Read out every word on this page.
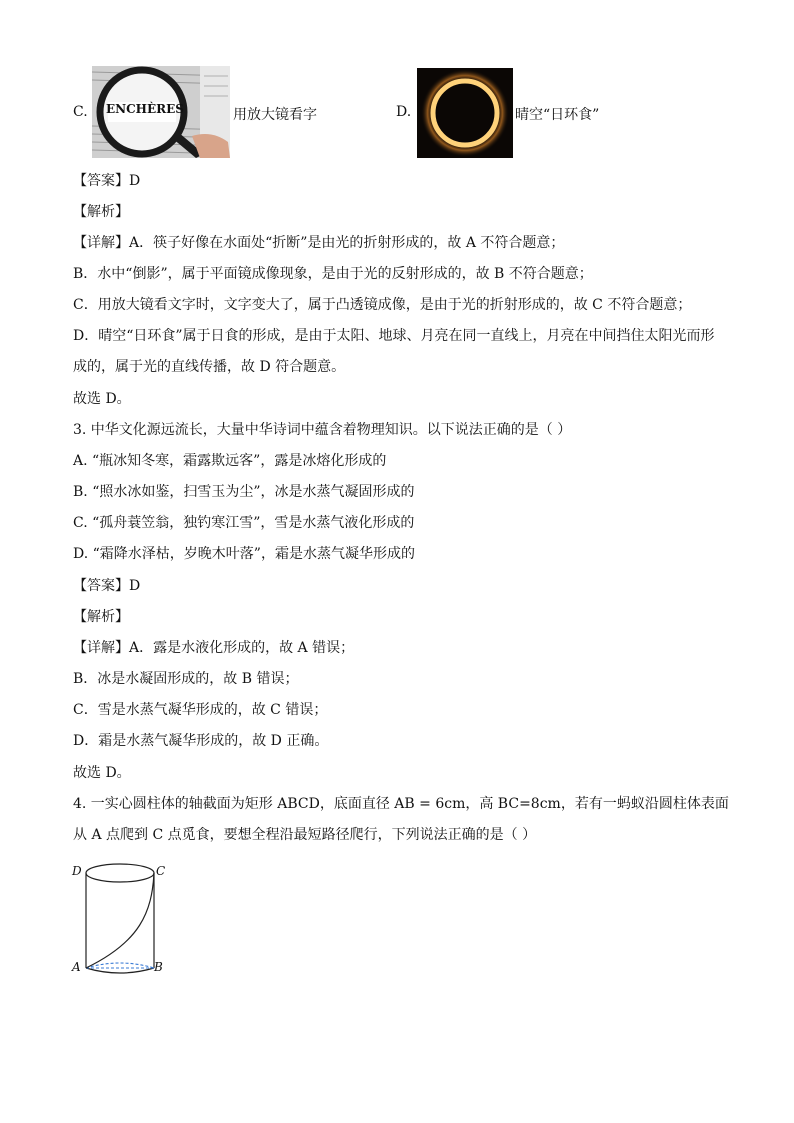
C. ENCHÈRES	用放大镜看字	D.	晴空“日环食”
【答案】D
【解析】
【详解】A．筷子好像在水面处“折断”是由光的折射形成的，故 A 不符合题意；
B．水中“倒影”，属于平面镜成像现象，是由于光的反射形成的，故 B 不符合题意；
C．用放大镜看文字时，文字变大了，属于凸透镜成像，是由于光的折射形成的，故 C 不符合题意；
D．晴空“日环食”属于日食的形成，是由于太阳、地球、月亮在同一直线上，月亮在中间挡住太阳光而形
成的，属于光的直线传播，故 D 符合题意。
故选 D。
3. 中华文化源远流长，大量中华诗词中蕴含着物理知识。以下说法正确的是（ ）
A. “瓶冰知冬寒，霜露欺远客”，露是冰熔化形成的
B. “照水冰如鉴，扫雪玉为尘”，冰是水蒸气凝固形成的
C. “孤舟蓑笠翁，独钓寒江雪”，雪是水蒸气液化形成的
D. “霜降水泽枯，岁晚木叶落”，霜是水蒸气凝华形成的
【答案】D
【解析】
【详解】A．露是水液化形成的，故 A 错误；
B．冰是水凝固形成的，故 B 错误；
C．雪是水蒸气凝华形成的，故 C 错误；
D．霜是水蒸气凝华形成的，故 D 正确。
故选 D。
4. 一实心圆柱体的轴截面为矩形 ABCD，底面直径 AB = 6cm，高 BC=8cm，若有一蚂蚁沿圆柱体表面
从 A 点爬到 C 点觅食，要想全程沿最短路径爬行，下列说法正确的是（ ）
D	C
A	B
